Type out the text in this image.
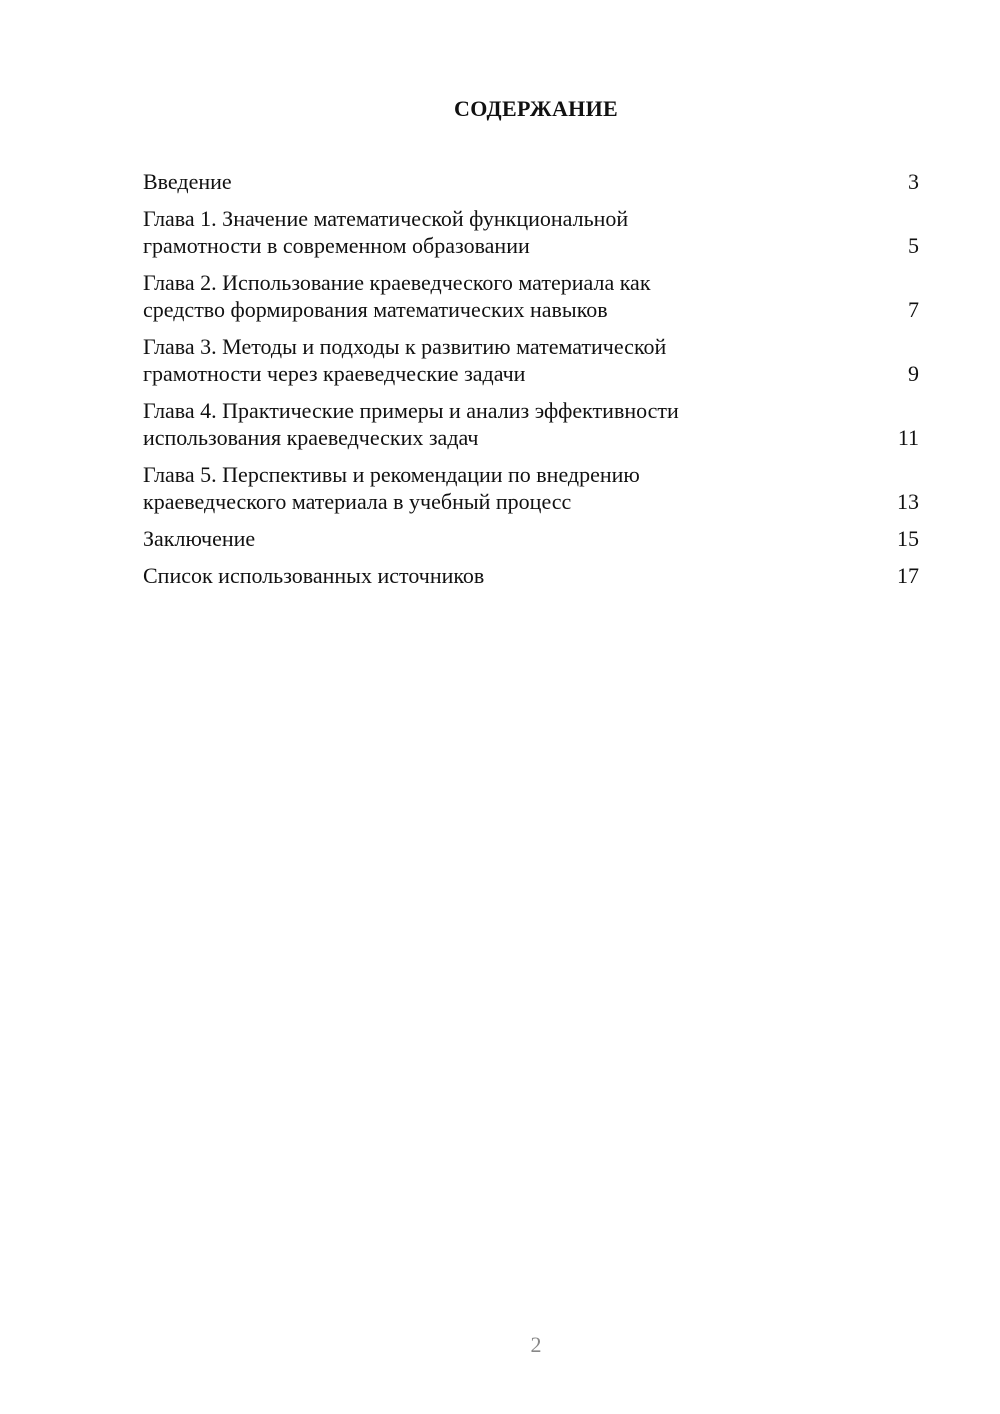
СОДЕРЖАНИЕ
Введение	3
Глава 1. Значение математической функциональной
грамотности в современном образовании	5
Глава 2. Использование краеведческого материала как
средство формирования математических навыков	7
Глава 3. Методы и подходы к развитию математической
грамотности через краеведческие задачи	9
Глава 4. Практические примеры и анализ эффективности
использования краеведческих задач	11
Глава 5. Перспективы и рекомендации по внедрению
краеведческого материала в учебный процесс	13
Заключение	15
Список использованных источников	17
2
